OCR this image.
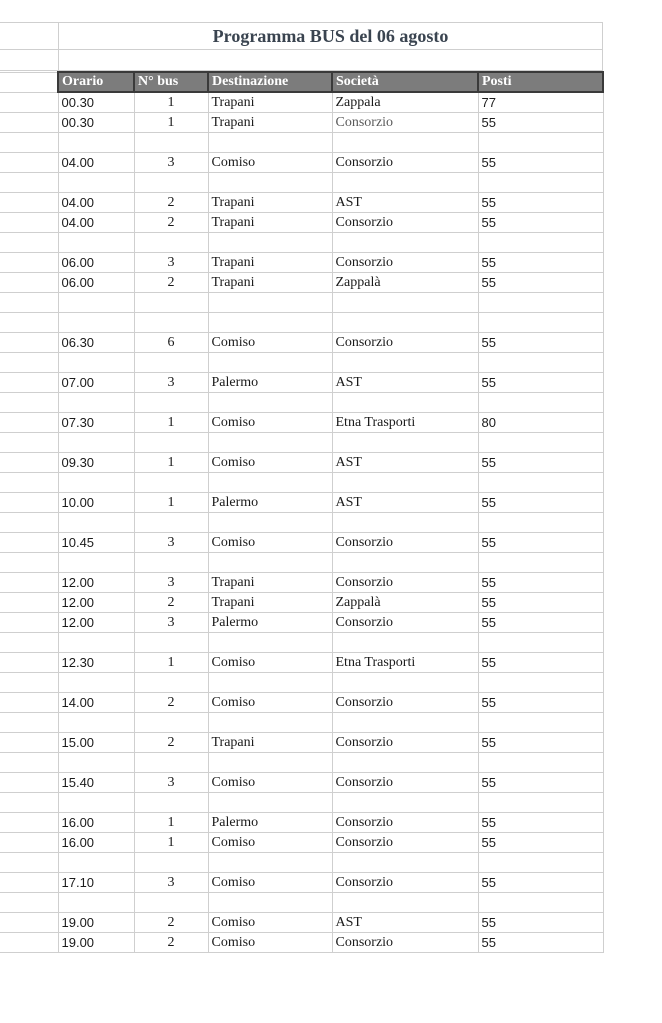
Programma BUS del 06 agosto
	Orario	N° bus	Destinazione	Società	Posti
	00.30	1	Trapani	Zappala	77
	00.30	1	Trapani	Consorzio	55

	04.00	3	Comiso	Consorzio	55

	04.00	2	Trapani	AST	55
	04.00	2	Trapani	Consorzio	55

	06.00	3	Trapani	Consorzio	55
	06.00	2	Trapani	Zappalà	55

	06.30	6	Comiso	Consorzio	55

	07.00	3	Palermo	AST	55

	07.30	1	Comiso	Etna Trasporti	80

	09.30	1	Comiso	AST	55

	10.00	1	Palermo	AST	55

	10.45	3	Comiso	Consorzio	55

	12.00	3	Trapani	Consorzio	55
	12.00	2	Trapani	Zappalà	55
	12.00	3	Palermo	Consorzio	55

	12.30	1	Comiso	Etna Trasporti	55

	14.00	2	Comiso	Consorzio	55

	15.00	2	Trapani	Consorzio	55

	15.40	3	Comiso	Consorzio	55

	16.00	1	Palermo	Consorzio	55
	16.00	1	Comiso	Consorzio	55

	17.10	3	Comiso	Consorzio	55

	19.00	2	Comiso	AST	55
	19.00	2	Comiso	Consorzio	55
